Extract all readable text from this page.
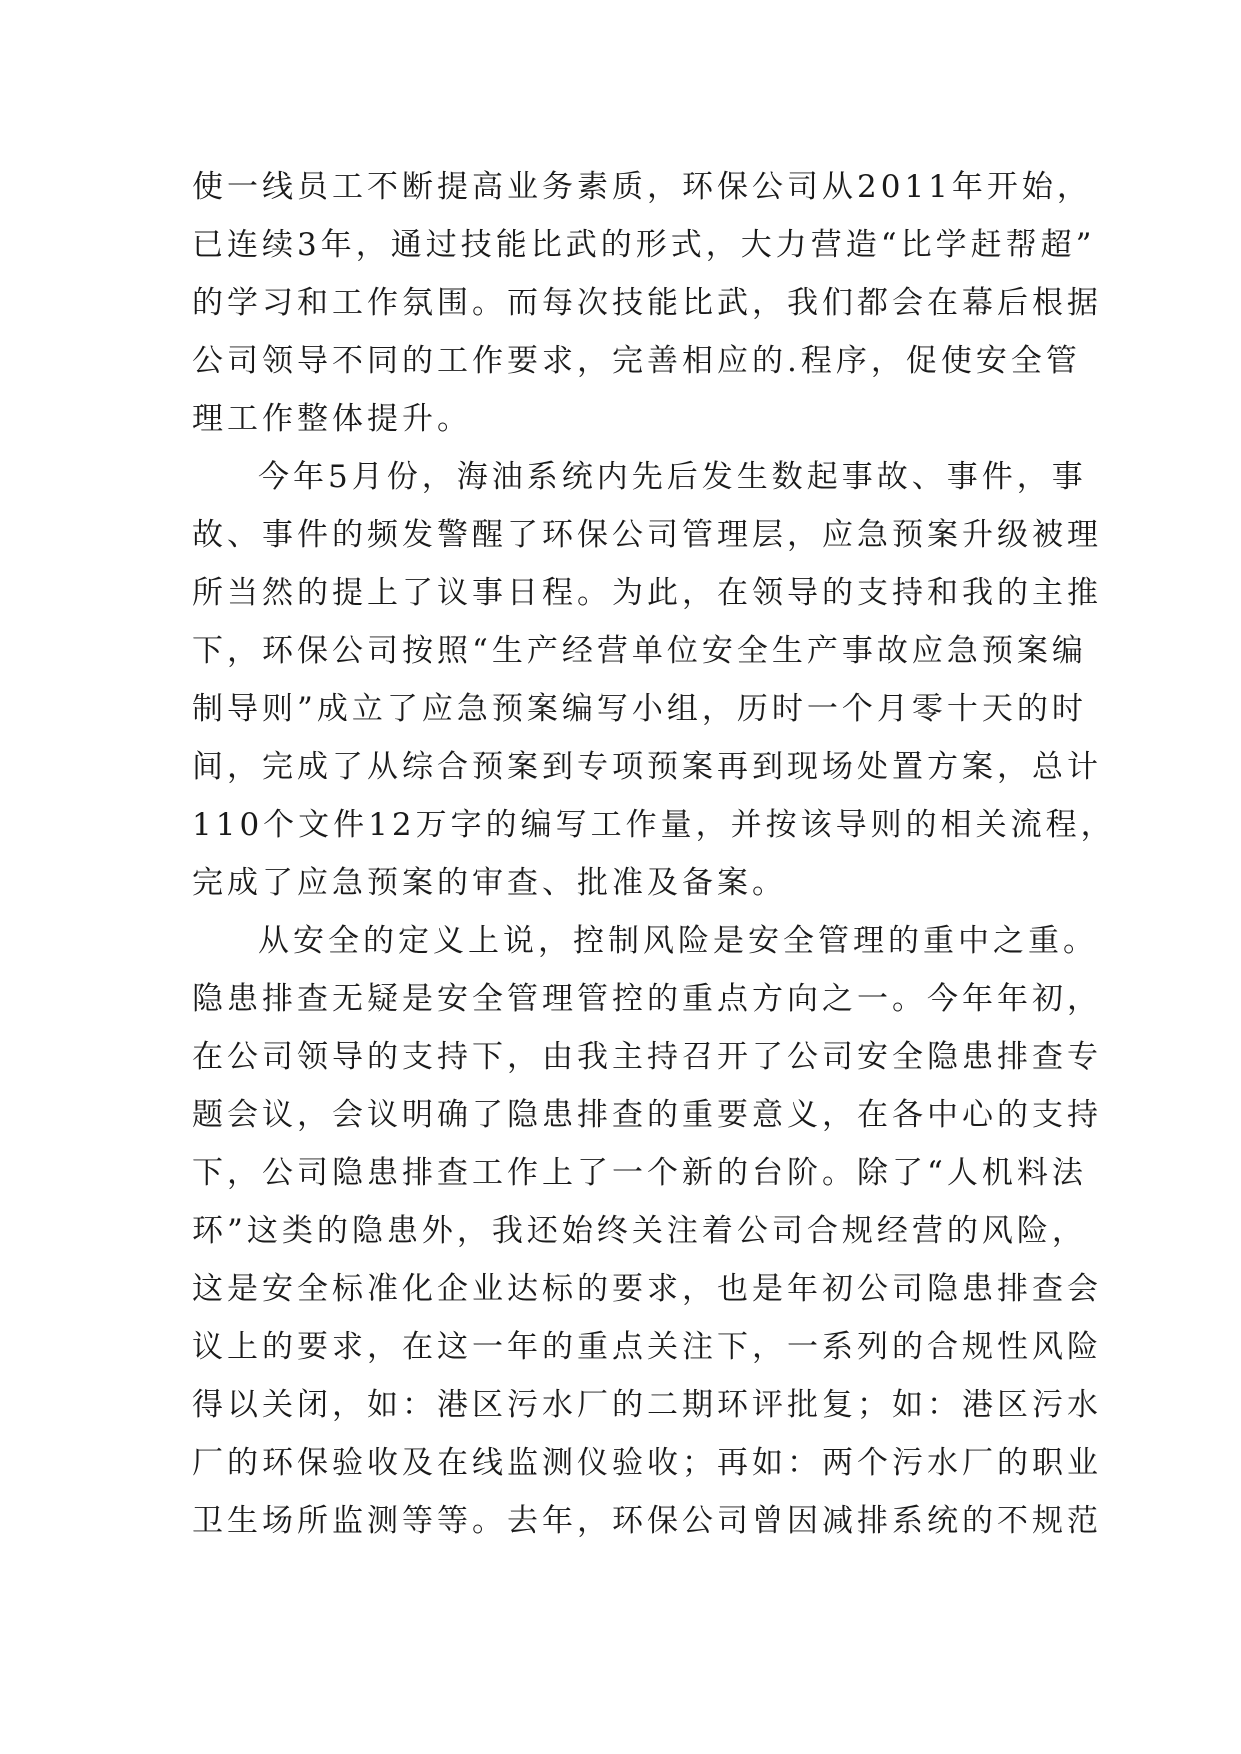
使一线员工不断提高业务素质，环保公司从2011年开始，
已连续3年，通过技能比武的形式，大力营造“比学赶帮超”
的学习和工作氛围。而每次技能比武，我们都会在幕后根据
公司领导不同的工作要求，完善相应的.程序，促使安全管
理工作整体提升。
今年5月份，海油系统内先后发生数起事故、事件，事
故、事件的频发警醒了环保公司管理层，应急预案升级被理
所当然的提上了议事日程。为此，在领导的支持和我的主推
下，环保公司按照“生产经营单位安全生产事故应急预案编
制导则”成立了应急预案编写小组，历时一个月零十天的时
间，完成了从综合预案到专项预案再到现场处置方案，总计
110个文件12万字的编写工作量，并按该导则的相关流程，
完成了应急预案的审查、批准及备案。
从安全的定义上说，控制风险是安全管理的重中之重。
隐患排查无疑是安全管理管控的重点方向之一。今年年初，
在公司领导的支持下，由我主持召开了公司安全隐患排查专
题会议，会议明确了隐患排查的重要意义，在各中心的支持
下，公司隐患排查工作上了一个新的台阶。除了“人机料法
环”这类的隐患外，我还始终关注着公司合规经营的风险，
这是安全标准化企业达标的要求，也是年初公司隐患排查会
议上的要求，在这一年的重点关注下，一系列的合规性风险
得以关闭，如：港区污水厂的二期环评批复；如：港区污水
厂的环保验收及在线监测仪验收；再如：两个污水厂的职业
卫生场所监测等等。去年，环保公司曾因减排系统的不规范
